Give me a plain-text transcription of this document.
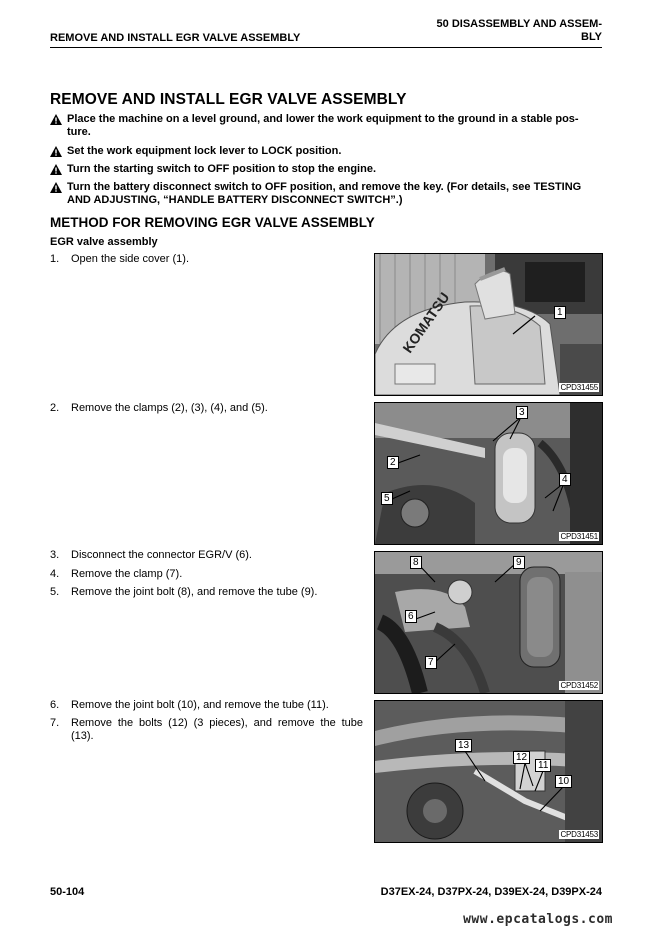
REMOVE AND INSTALL EGR VALVE ASSEMBLY
50 DISASSEMBLY AND ASSEM-
BLY
REMOVE AND INSTALL EGR VALVE ASSEMBLY
Place the machine on a level ground, and lower the work equipment to the ground in a stable pos-
ture.
Set the work equipment lock lever to LOCK position.
Turn the starting switch to OFF position to stop the engine.
Turn the battery disconnect switch to OFF position, and remove the key. (For details, see TESTING
AND ADJUSTING, “HANDLE BATTERY DISCONNECT SWITCH”.)
METHOD FOR REMOVING EGR VALVE ASSEMBLY
EGR valve assembly
1. Open the side cover (1).
2. Remove the clamps (2), (3), (4), and (5).
3. Disconnect the connector EGR/V (6).
4. Remove the clamp (7).
5. Remove the joint bolt (8), and remove the tube (9).
6. Remove the joint bolt (10), and remove the tube (11).
7. Remove the bolts (12) (3 pieces), and remove the tube (13).
KOMATSU	1
CPD31455
3
2
5
4
CPD31451
8	9
6
7
CPD31452
13
12
11
10
CPD31453
50-104	D37EX-24, D37PX-24, D39EX-24, D39PX-24
www.epcatalogs.com
